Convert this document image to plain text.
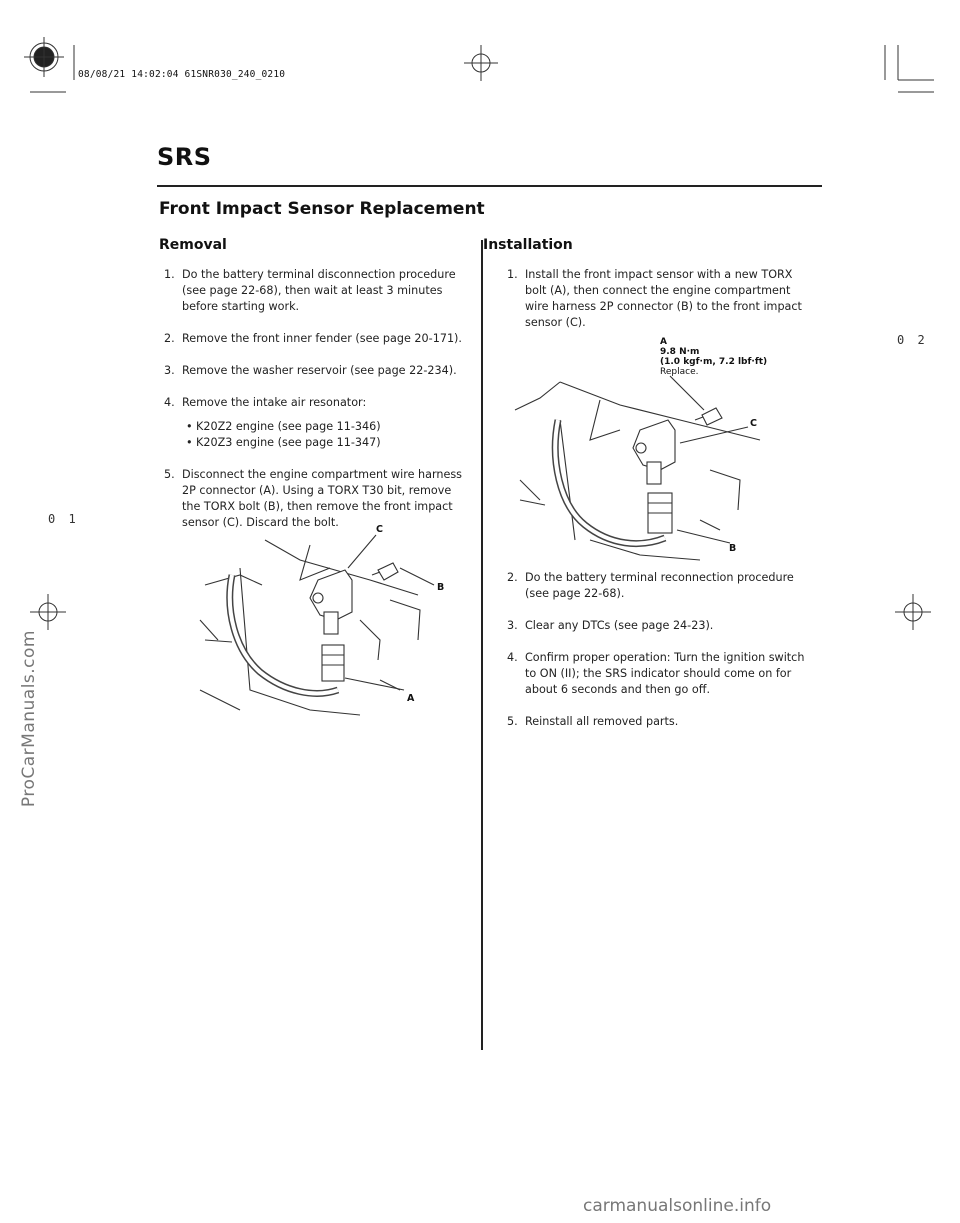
08/08/21 14:02:04 61SNR030_240_0210
SRS
Front Impact Sensor Replacement
0 1
0 2
ProCarManuals.com
carmanualsonline.info
Removal
1. Do the battery terminal disconnection procedure (see page 22-68), then wait at least 3 minutes before starting work.
2. Remove the front inner fender (see page 20-171).
3. Remove the washer reservoir (see page 22-234).
4. Remove the intake air resonator:
• K20Z2 engine (see page 11-346)
• K20Z3 engine (see page 11-347)
5. Disconnect the engine compartment wire harness 2P connector (A). Using a TORX T30 bit, remove the TORX bolt (B), then remove the front impact sensor (C). Discard the bolt.
C
B
A
Installation
1. Install the front impact sensor with a new TORX bolt (A), then connect the engine compartment wire harness 2P connector (B) to the front impact sensor (C).
A
9.8 N·m
(1.0 kgf·m, 7.2 lbf·ft)
Replace.
C
B
2. Do the battery terminal reconnection procedure (see page 22-68).
3. Clear any DTCs (see page 24-23).
4. Confirm proper operation: Turn the ignition switch to ON (II); the SRS indicator should come on for about 6 seconds and then go off.
5. Reinstall all removed parts.
